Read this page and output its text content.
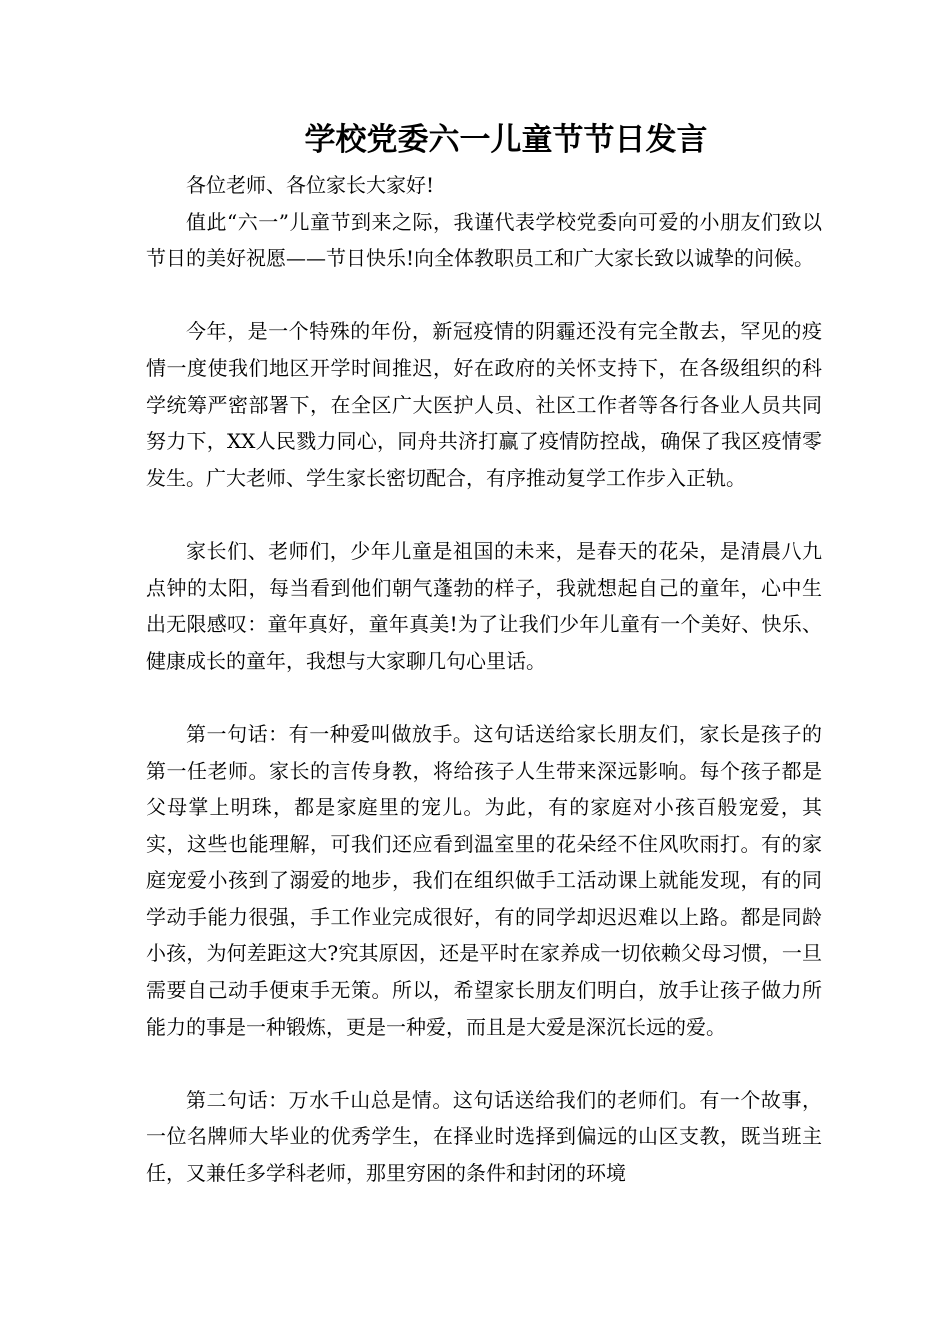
学校党委六一儿童节节日发言

各位老师、各位家长大家好!

值此“六一”儿童节到来之际，我谨代表学校党委向可爱的小朋友们致以节日的美好祝愿——节日快乐!向全体教职员工和广大家长致以诚挚的问候。

今年，是一个特殊的年份，新冠疫情的阴霾还没有完全散去，罕见的疫情一度使我们地区开学时间推迟，好在政府的关怀支持下，在各级组织的科学统筹严密部署下，在全区广大医护人员、社区工作者等各行各业人员共同努力下，XX人民戮力同心，同舟共济打赢了疫情防控战，确保了我区疫情零发生。广大老师、学生家长密切配合，有序推动复学工作步入正轨。

家长们、老师们，少年儿童是祖国的未来，是春天的花朵，是清晨八九点钟的太阳，每当看到他们朝气蓬勃的样子，我就想起自己的童年，心中生出无限感叹：童年真好，童年真美!为了让我们少年儿童有一个美好、快乐、健康成长的童年，我想与大家聊几句心里话。

第一句话：有一种爱叫做放手。这句话送给家长朋友们，家长是孩子的第一任老师。家长的言传身教，将给孩子人生带来深远影响。每个孩子都是父母掌上明珠，都是家庭里的宠儿。为此，有的家庭对小孩百般宠爱，其实，这些也能理解，可我们还应看到温室里的花朵经不住风吹雨打。有的家庭宠爱小孩到了溺爱的地步，我们在组织做手工活动课上就能发现，有的同学动手能力很强，手工作业完成很好，有的同学却迟迟难以上路。都是同龄小孩，为何差距这大?究其原因，还是平时在家养成一切依赖父母习惯，一旦需要自己动手便束手无策。所以，希望家长朋友们明白，放手让孩子做力所能力的事是一种锻炼，更是一种爱，而且是大爱是深沉长远的爱。

第二句话：万水千山总是情。这句话送给我们的老师们。有一个故事，一位名牌师大毕业的优秀学生，在择业时选择到偏远的山区支教，既当班主任，又兼任多学科老师，那里穷困的条件和封闭的环境
